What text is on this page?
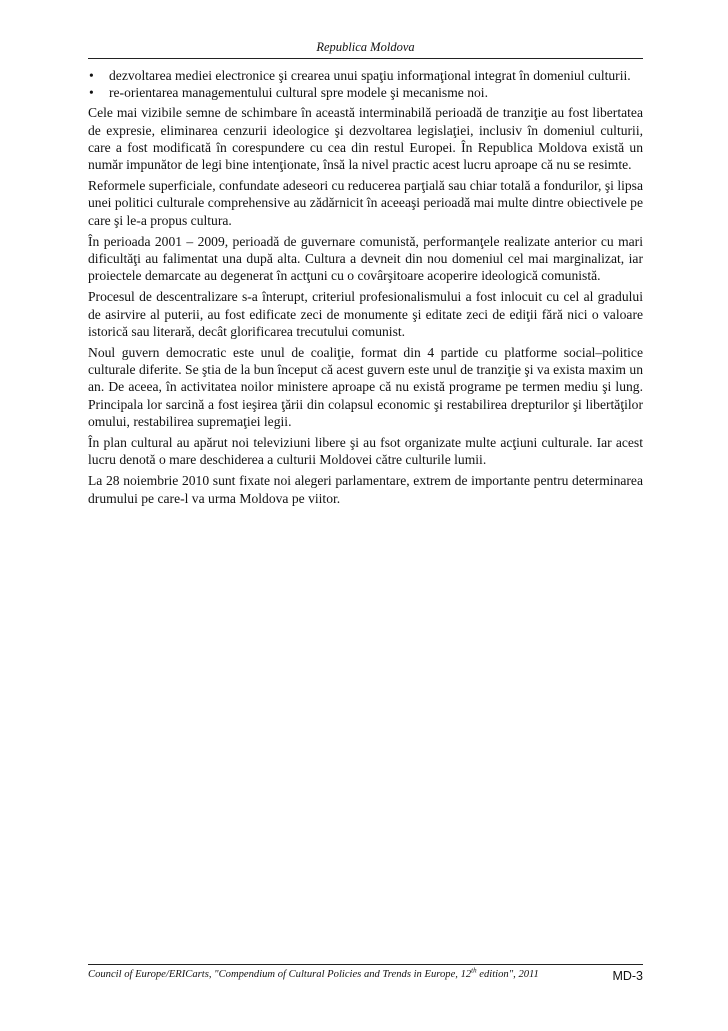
Republica Moldova
• dezvoltarea mediei electronice şi crearea unui spaţiu informaţional integrat în domeniul culturii.
• re-orientarea managementului cultural spre modele şi mecanisme noi.

Cele mai vizibile semne de schimbare în această interminabilă perioadă de tranziţie au fost libertatea de expresie, eliminarea cenzurii ideologice şi dezvoltarea legislaţiei, inclusiv în domeniul culturii, care a fost modificată în corespundere cu cea din restul Europei. În Republica Moldova există un număr impunător de legi bine intenţionate, însă la nivel practic acest lucru aproape că nu se resimte.

Reformele superficiale, confundate adeseori cu reducerea parţială sau chiar totală a fondurilor, şi lipsa unei politici culturale comprehensive au zădărnicit în aceeaşi perioadă mai multe dintre obiectivele pe care şi le-a propus cultura.

În perioada 2001 – 2009, perioadă de guvernare comunistă, performanţele realizate anterior cu mari dificultăţi au falimentat una după alta. Cultura a devneit din nou domeniul cel mai marginalizat, iar proiectele demarcate au degenerat în actţuni cu o covârşitoare acoperire ideologică comunistă.

Procesul de descentralizare s-a înterupt, criteriul profesionalismului a fost inlocuit cu cel al gradului de asirvire al puterii, au fost edificate zeci de monumente şi editate zeci de ediţii fără nici o valoare istorică sau literară, decât glorificarea trecutului comunist.

Noul guvern democratic este unul de coaliţie, format din 4 partide cu platforme social–politice culturale diferite. Se ştia de la bun început că acest guvern este unul de tranziţie şi va exista maxim un an. De aceea, în activitatea noilor ministere aproape că nu există programe pe termen mediu şi lung. Principala lor sarcină a fost ieşirea ţării din colapsul economic şi restabilirea drepturilor şi libertăţilor omului, restabilirea supremaţiei legii.

În plan cultural au apărut noi televiziuni libere şi au fsot organizate multe acţiuni culturale. Iar acest lucru denotă o mare deschiderea a culturii Moldovei către culturile lumii.

La 28 noiembrie 2010 sunt fixate noi alegeri parlamentare, extrem de importante pentru determinarea drumului pe care-l va urma Moldova pe viitor.

Council of Europe/ERICarts, "Compendium of Cultural Policies and Trends in Europe, 12th edition", 2011	MD-3
